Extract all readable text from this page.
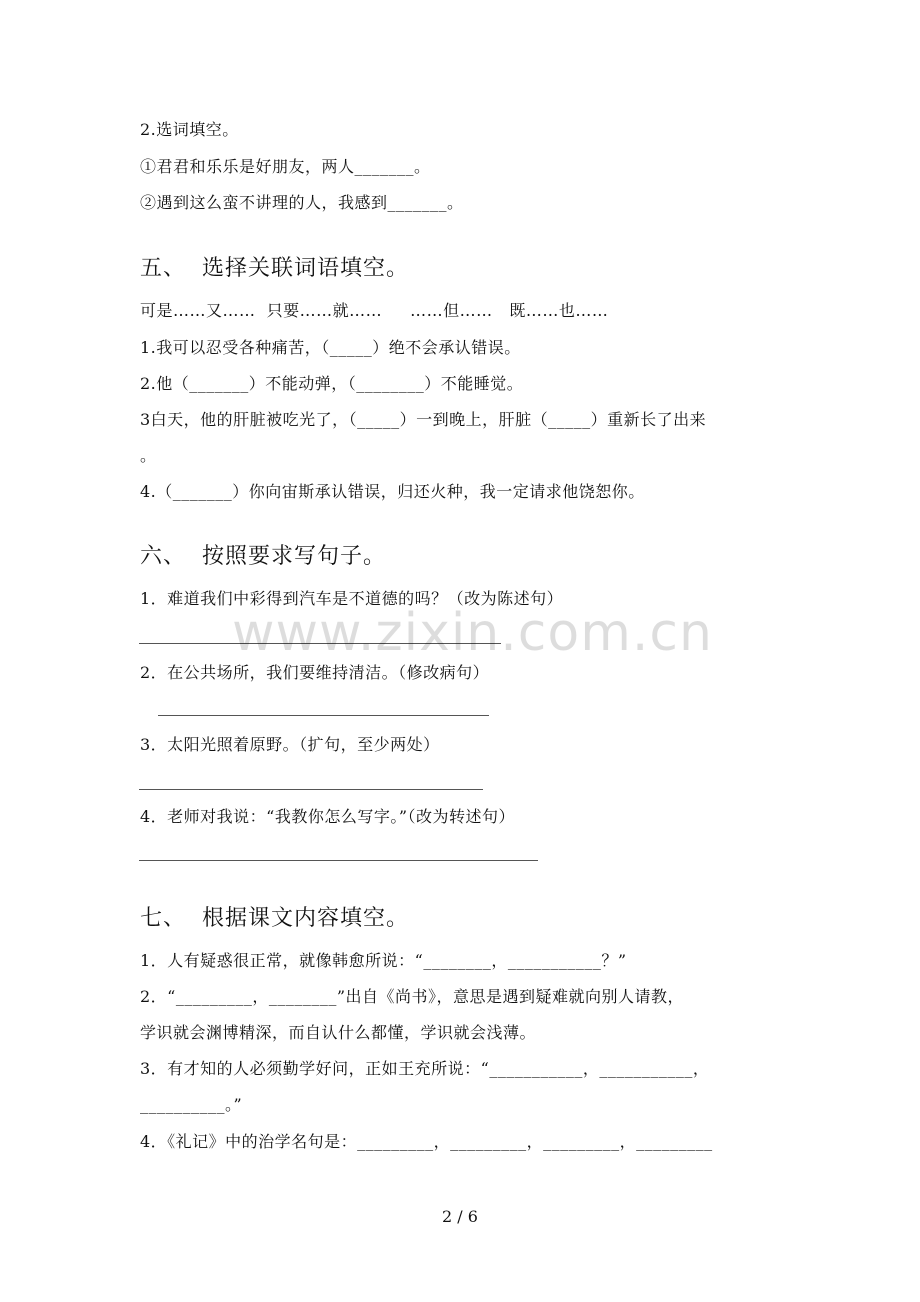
2.选词填空。
①君君和乐乐是好朋友，两人_______。
②遇到这么蛮不讲理的人，我感到_______。
五、  选择关联词语填空。
可是……又……  只要……就……     ……但……   既……也……
1.我可以忍受各种痛苦，（_____）绝不会承认错误。
2.他（_______）不能动弹，（________）不能睡觉。
3白天，他的肝脏被吃光了，（_____）一到晚上，肝脏（_____）重新长了出来
。
4.（_______）你向宙斯承认错误，归还火种，我一定请求他饶恕你。
六、  按照要求写句子。
1．难道我们中彩得到汽车是不道德的吗？（改为陈述句）
2．在公共场所，我们要维持清洁。（修改病句）
3．太阳光照着原野。（扩句，至少两处）
4．老师对我说：“我教你怎么写字。”（改为转述句）
七、  根据课文内容填空。
1．人有疑惑很正常，就像韩愈所说：“________，___________？”
2．“_________，________”出自《尚书》，意思是遇到疑难就向别人请教，
学识就会渊博精深，而自认什么都懂，学识就会浅薄。
3．有才知的人必须勤学好问，正如王充所说：“___________，___________，
__________。”
4．《礼记》中的治学名句是：_________，_________，_________，_________
www.zixin.com.cn
2 / 6
